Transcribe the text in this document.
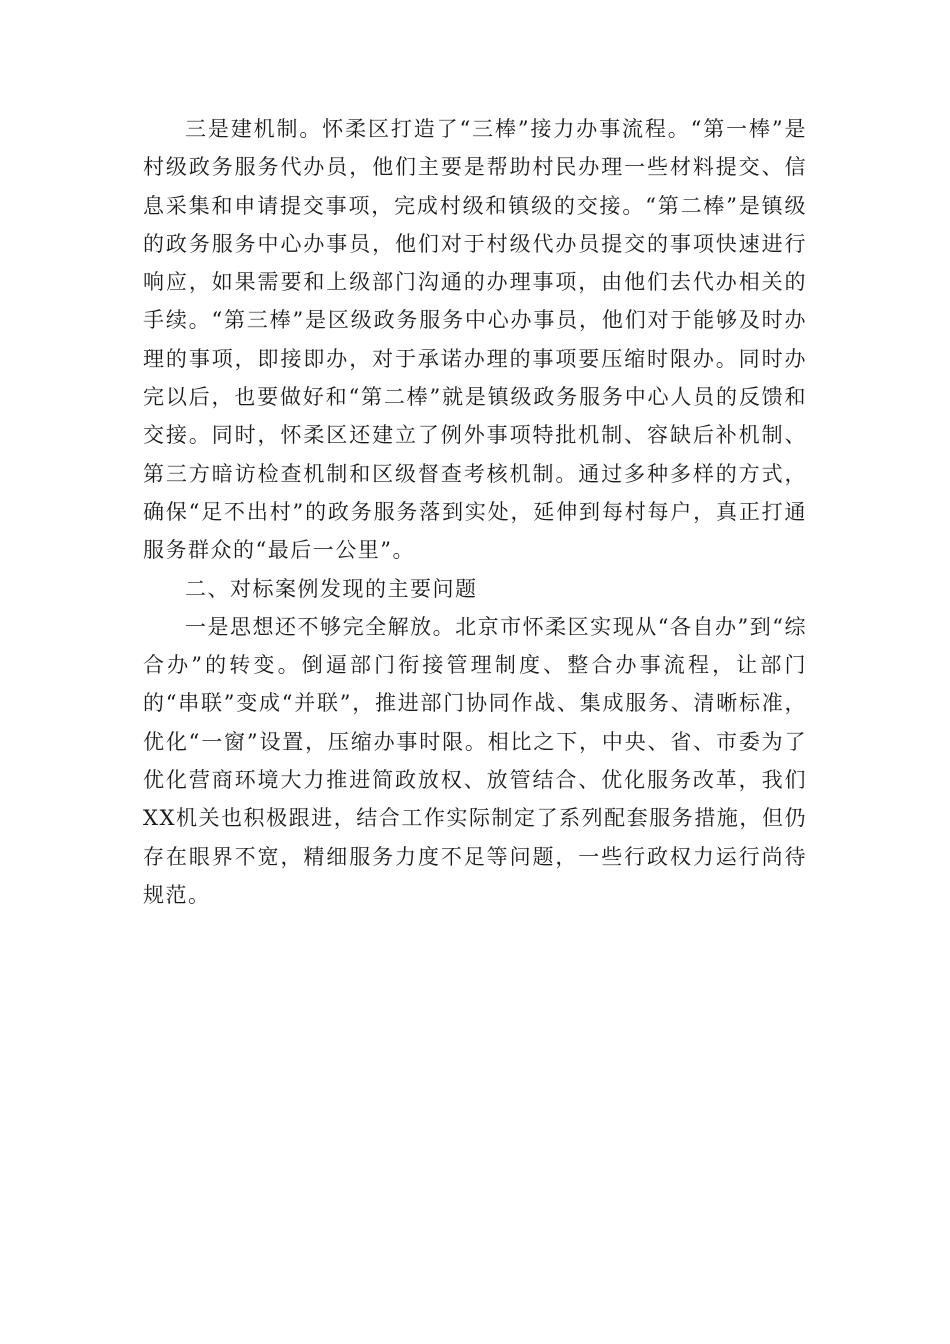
三是建机制。怀柔区打造了“三棒”接力办事流程。“第一棒”是村级政务服务代办员，他们主要是帮助村民办理一些材料提交、信息采集和申请提交事项，完成村级和镇级的交接。“第二棒”是镇级的政务服务中心办事员，他们对于村级代办员提交的事项快速进行响应，如果需要和上级部门沟通的办理事项，由他们去代办相关的手续。“第三棒”是区级政务服务中心办事员，他们对于能够及时办理的事项，即接即办，对于承诺办理的事项要压缩时限办。同时办完以后，也要做好和“第二棒”就是镇级政务服务中心人员的反馈和交接。同时，怀柔区还建立了例外事项特批机制、容缺后补机制、第三方暗访检查机制和区级督查考核机制。通过多种多样的方式，确保“足不出村”的政务服务落到实处，延伸到每村每户，真正打通服务群众的“最后一公里”。

二、对标案例发现的主要问题

一是思想还不够完全解放。北京市怀柔区实现从“各自办”到“综合办”的转变。倒逼部门衔接管理制度、整合办事流程，让部门的“串联”变成“并联”，推进部门协同作战、集成服务、清晰标准，优化“一窗”设置，压缩办事时限。相比之下，中央、省、市委为了优化营商环境大力推进简政放权、放管结合、优化服务改革，我们XX机关也积极跟进，结合工作实际制定了系列配套服务措施，但仍存在眼界不宽，精细服务力度不足等问题，一些行政权力运行尚待规范。
